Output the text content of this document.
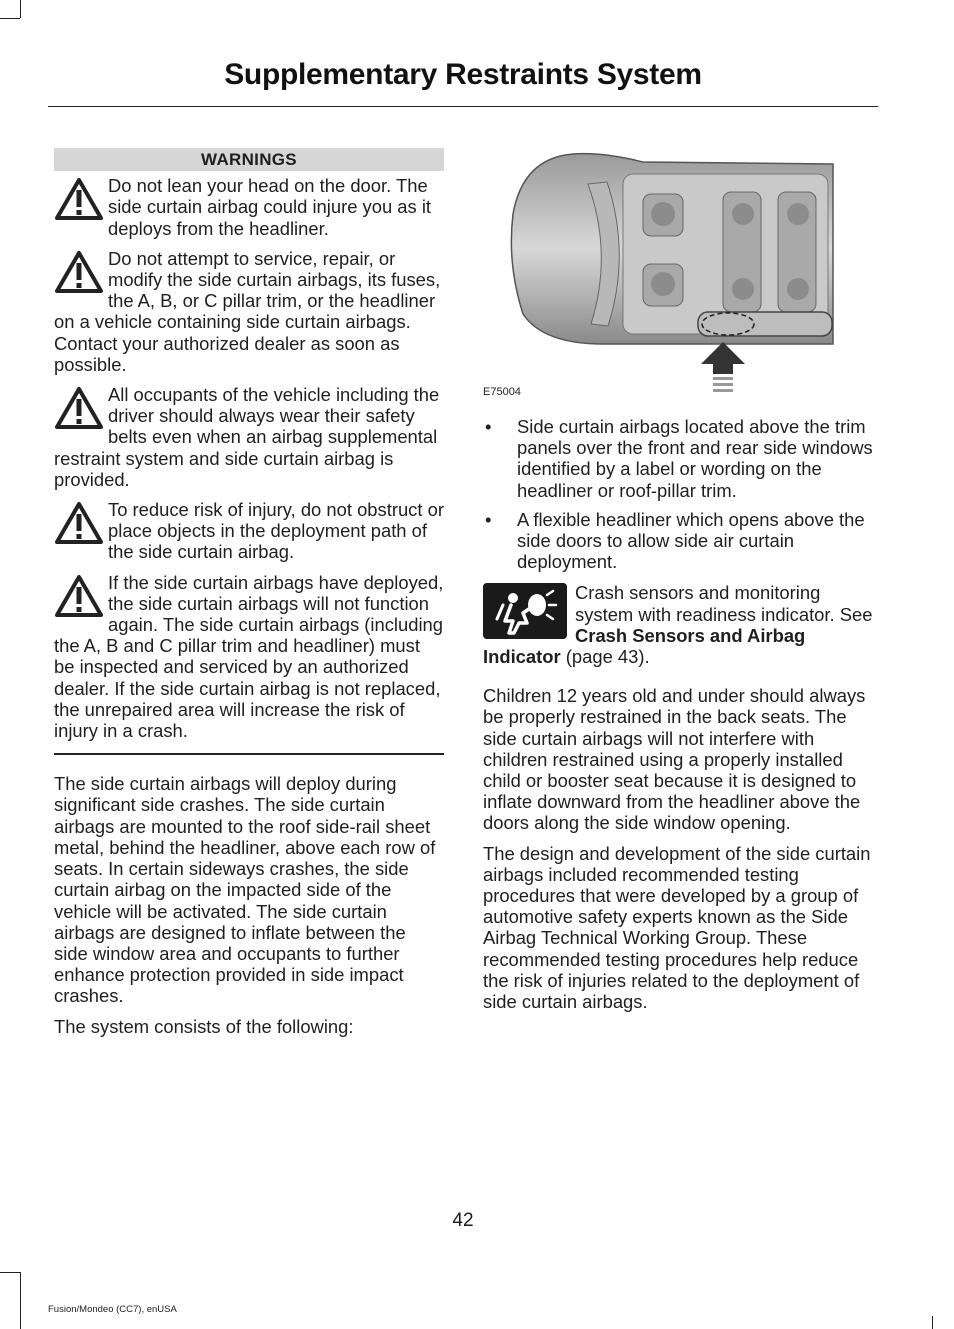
Supplementary Restraints System
WARNINGS

Do not lean your head on the door. The side curtain airbag could injure you as it deploys from the headliner.

Do not attempt to service, repair, or modify the side curtain airbags, its fuses, the A, B, or C pillar trim, or the headliner on a vehicle containing side curtain airbags. Contact your authorized dealer as soon as possible.

All occupants of the vehicle including the driver should always wear their safety belts even when an airbag supplemental restraint system and side curtain airbag is provided.

To reduce risk of injury, do not obstruct or place objects in the deployment path of the side curtain airbag.

If the side curtain airbags have deployed, the side curtain airbags will not function again. The side curtain airbags (including the A, B and C pillar trim and headliner) must be inspected and serviced by an authorized dealer. If the side curtain airbag is not replaced, the unrepaired area will increase the risk of injury in a crash.

The side curtain airbags will deploy during significant side crashes. The side curtain airbags are mounted to the roof side-rail sheet metal, behind the headliner, above each row of seats. In certain sideways crashes, the side curtain airbag on the impacted side of the vehicle will be activated. The side curtain airbags are designed to inflate between the side window area and occupants to further enhance protection provided in side impact crashes.

The system consists of the following:

E75004
• Side curtain airbags located above the trim panels over the front and rear side windows identified by a label or wording on the headliner or roof-pillar trim.
• A flexible headliner which opens above the side doors to allow side air curtain deployment.

Crash sensors and monitoring system with readiness indicator. See Crash Sensors and Airbag Indicator (page 43).

Children 12 years old and under should always be properly restrained in the back seats. The side curtain airbags will not interfere with children restrained using a properly installed child or booster seat because it is designed to inflate downward from the headliner above the doors along the side window opening.

The design and development of the side curtain airbags included recommended testing procedures that were developed by a group of automotive safety experts known as the Side Airbag Technical Working Group. These recommended testing procedures help reduce the risk of injuries related to the deployment of side curtain airbags.

42
Fusion/Mondeo (CC7), enUSA
